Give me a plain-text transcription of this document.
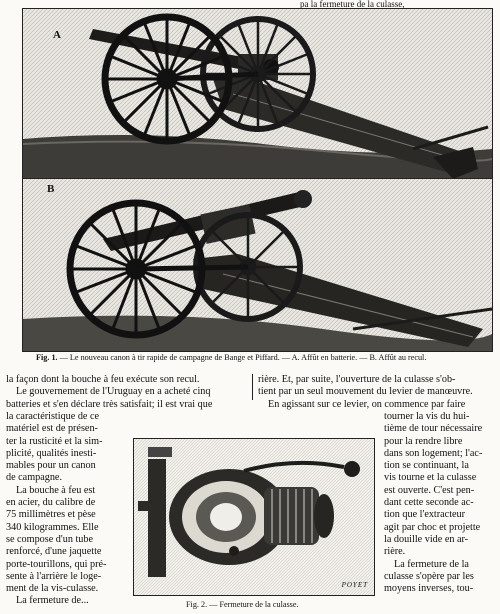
pa la fermeture de la culasse,
A
B
Fig. 1. — Le nouveau canon à tir rapide de campagne de Bange et Piffard. — A. Affût en batterie. — B. Affût au recul.

la façon dont la bouche à feu exécute son recul.

Le gouvernement de l'Uruguay en a acheté cinq

batteries et s'en déclare très satisfait; il est vrai que

la caractéristique de ce
matériel est de présen-
ter la rusticité et la sim-
plicité, qualités inesti-
mables pour un canon
de campagne.
La bouche à feu est
en acier, du calibre de
75 millimètres et pèse
340 kilogrammes. Elle
se compose d'un tube
renforcé, d'une jaquette
porte-tourillons, qui pré-
sente à l'arrière le loge-
ment de la vis-culasse.
La fermeture de...

rière. Et, par suite, l'ouverture de la culasse s'ob-

tient par un seul mouvement du levier de manœuvre.

En agissant sur ce levier, on commence par faire

POYET
Fig. 2. — Fermeture de la culasse.
tourner la vis du hui-
tième de tour nécessaire
pour la rendre libre
dans son logement; l'ac-
tion se continuant, la
vis tourne et la culasse
est ouverte. C'est pen-
dant cette seconde ac-
tion que l'extracteur
agit par choc et projette
la douille vide en ar-
rière.
La fermeture de la
culasse s'opère par les
moyens inverses, tou-
